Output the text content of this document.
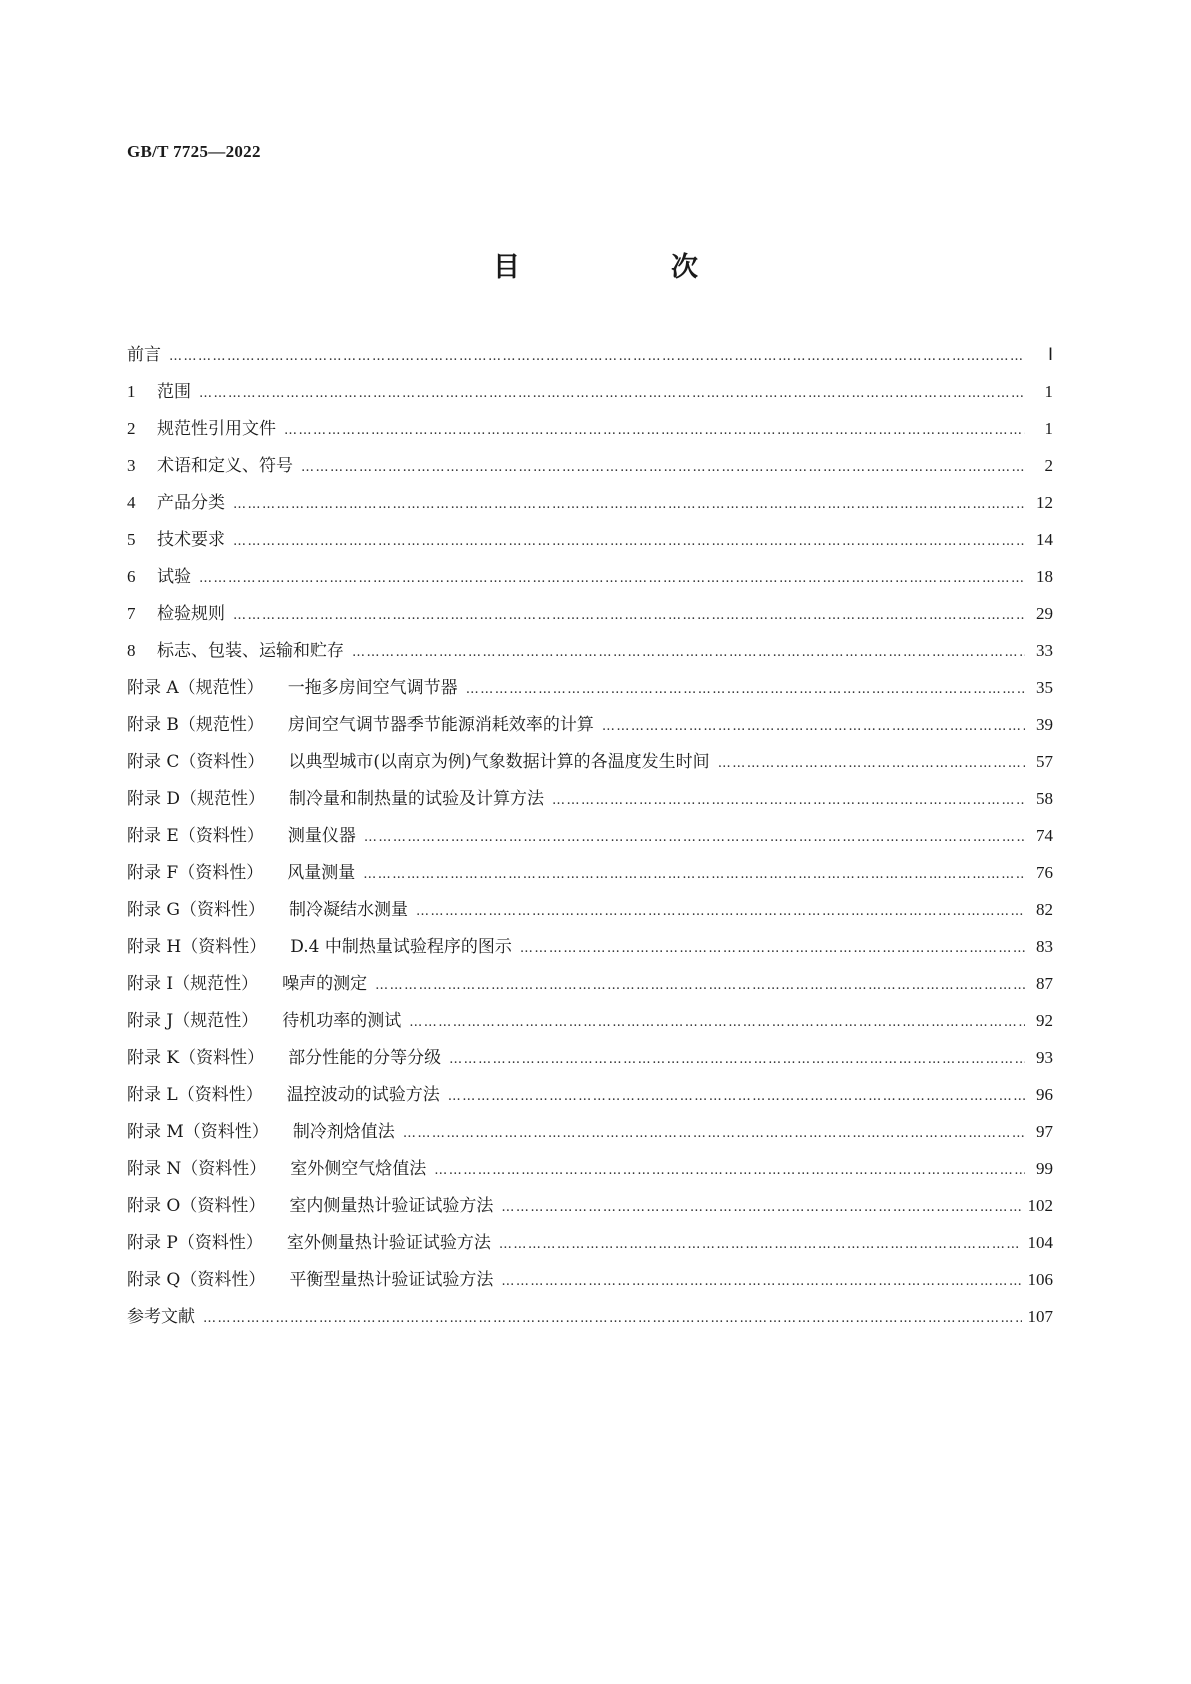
GB/T 7725—2022
目　次
前言 …………………………………………………………………………………………………………………………………………………………………………………………………………	Ⅰ
1 范围 …………………………………………………………………………………………………………………………………………………………………………………………………………	1
2 规范性引用文件 …………………………………………………………………………………………………………………………………………………………………………………………………………	1
3 术语和定义、符号 …………………………………………………………………………………………………………………………………………………………………………………………………………	2
4 产品分类 …………………………………………………………………………………………………………………………………………………………………………………………………………	12
5 技术要求 …………………………………………………………………………………………………………………………………………………………………………………………………………	14
6 试验 …………………………………………………………………………………………………………………………………………………………………………………………………………	18
7 检验规则 …………………………………………………………………………………………………………………………………………………………………………………………………………	29
8 标志、包装、运输和贮存 …………………………………………………………………………………………………………………………………………………………………………………………………………	33
附录 A（规范性） 一拖多房间空气调节器 …………………………………………………………………………………………………………………………………………………………………………………………………………	35
附录 B（规范性） 房间空气调节器季节能源消耗效率的计算 …………………………………………………………………………………………………………………………………………………………………………………………………………	39
附录 C（资料性） 以典型城市(以南京为例)气象数据计算的各温度发生时间 …………………………………………………………………………………………………………………………………………………………………………………………………………	57
附录 D（规范性） 制冷量和制热量的试验及计算方法 …………………………………………………………………………………………………………………………………………………………………………………………………………	58
附录 E（资料性） 测量仪器 …………………………………………………………………………………………………………………………………………………………………………………………………………	74
附录 F（资料性） 风量测量 …………………………………………………………………………………………………………………………………………………………………………………………………………	76
附录 G（资料性） 制冷凝结水测量 …………………………………………………………………………………………………………………………………………………………………………………………………………	82
附录 H（资料性） D.4 中制热量试验程序的图示 …………………………………………………………………………………………………………………………………………………………………………………………………………	83
附录 I（规范性） 噪声的测定 …………………………………………………………………………………………………………………………………………………………………………………………………………	87
附录 J（规范性） 待机功率的测试 …………………………………………………………………………………………………………………………………………………………………………………………………………	92
附录 K（资料性） 部分性能的分等分级 …………………………………………………………………………………………………………………………………………………………………………………………………………	93
附录 L（资料性） 温控波动的试验方法 …………………………………………………………………………………………………………………………………………………………………………………………………………	96
附录 M（资料性） 制冷剂焓值法 …………………………………………………………………………………………………………………………………………………………………………………………………………	97
附录 N（资料性） 室外侧空气焓值法 …………………………………………………………………………………………………………………………………………………………………………………………………………	99
附录 O（资料性） 室内侧量热计验证试验方法 …………………………………………………………………………………………………………………………………………………………………………………………………………	102
附录 P（资料性） 室外侧量热计验证试验方法 …………………………………………………………………………………………………………………………………………………………………………………………………………	104
附录 Q（资料性） 平衡型量热计验证试验方法 …………………………………………………………………………………………………………………………………………………………………………………………………………	106
参考文献 …………………………………………………………………………………………………………………………………………………………………………………………………………	107
